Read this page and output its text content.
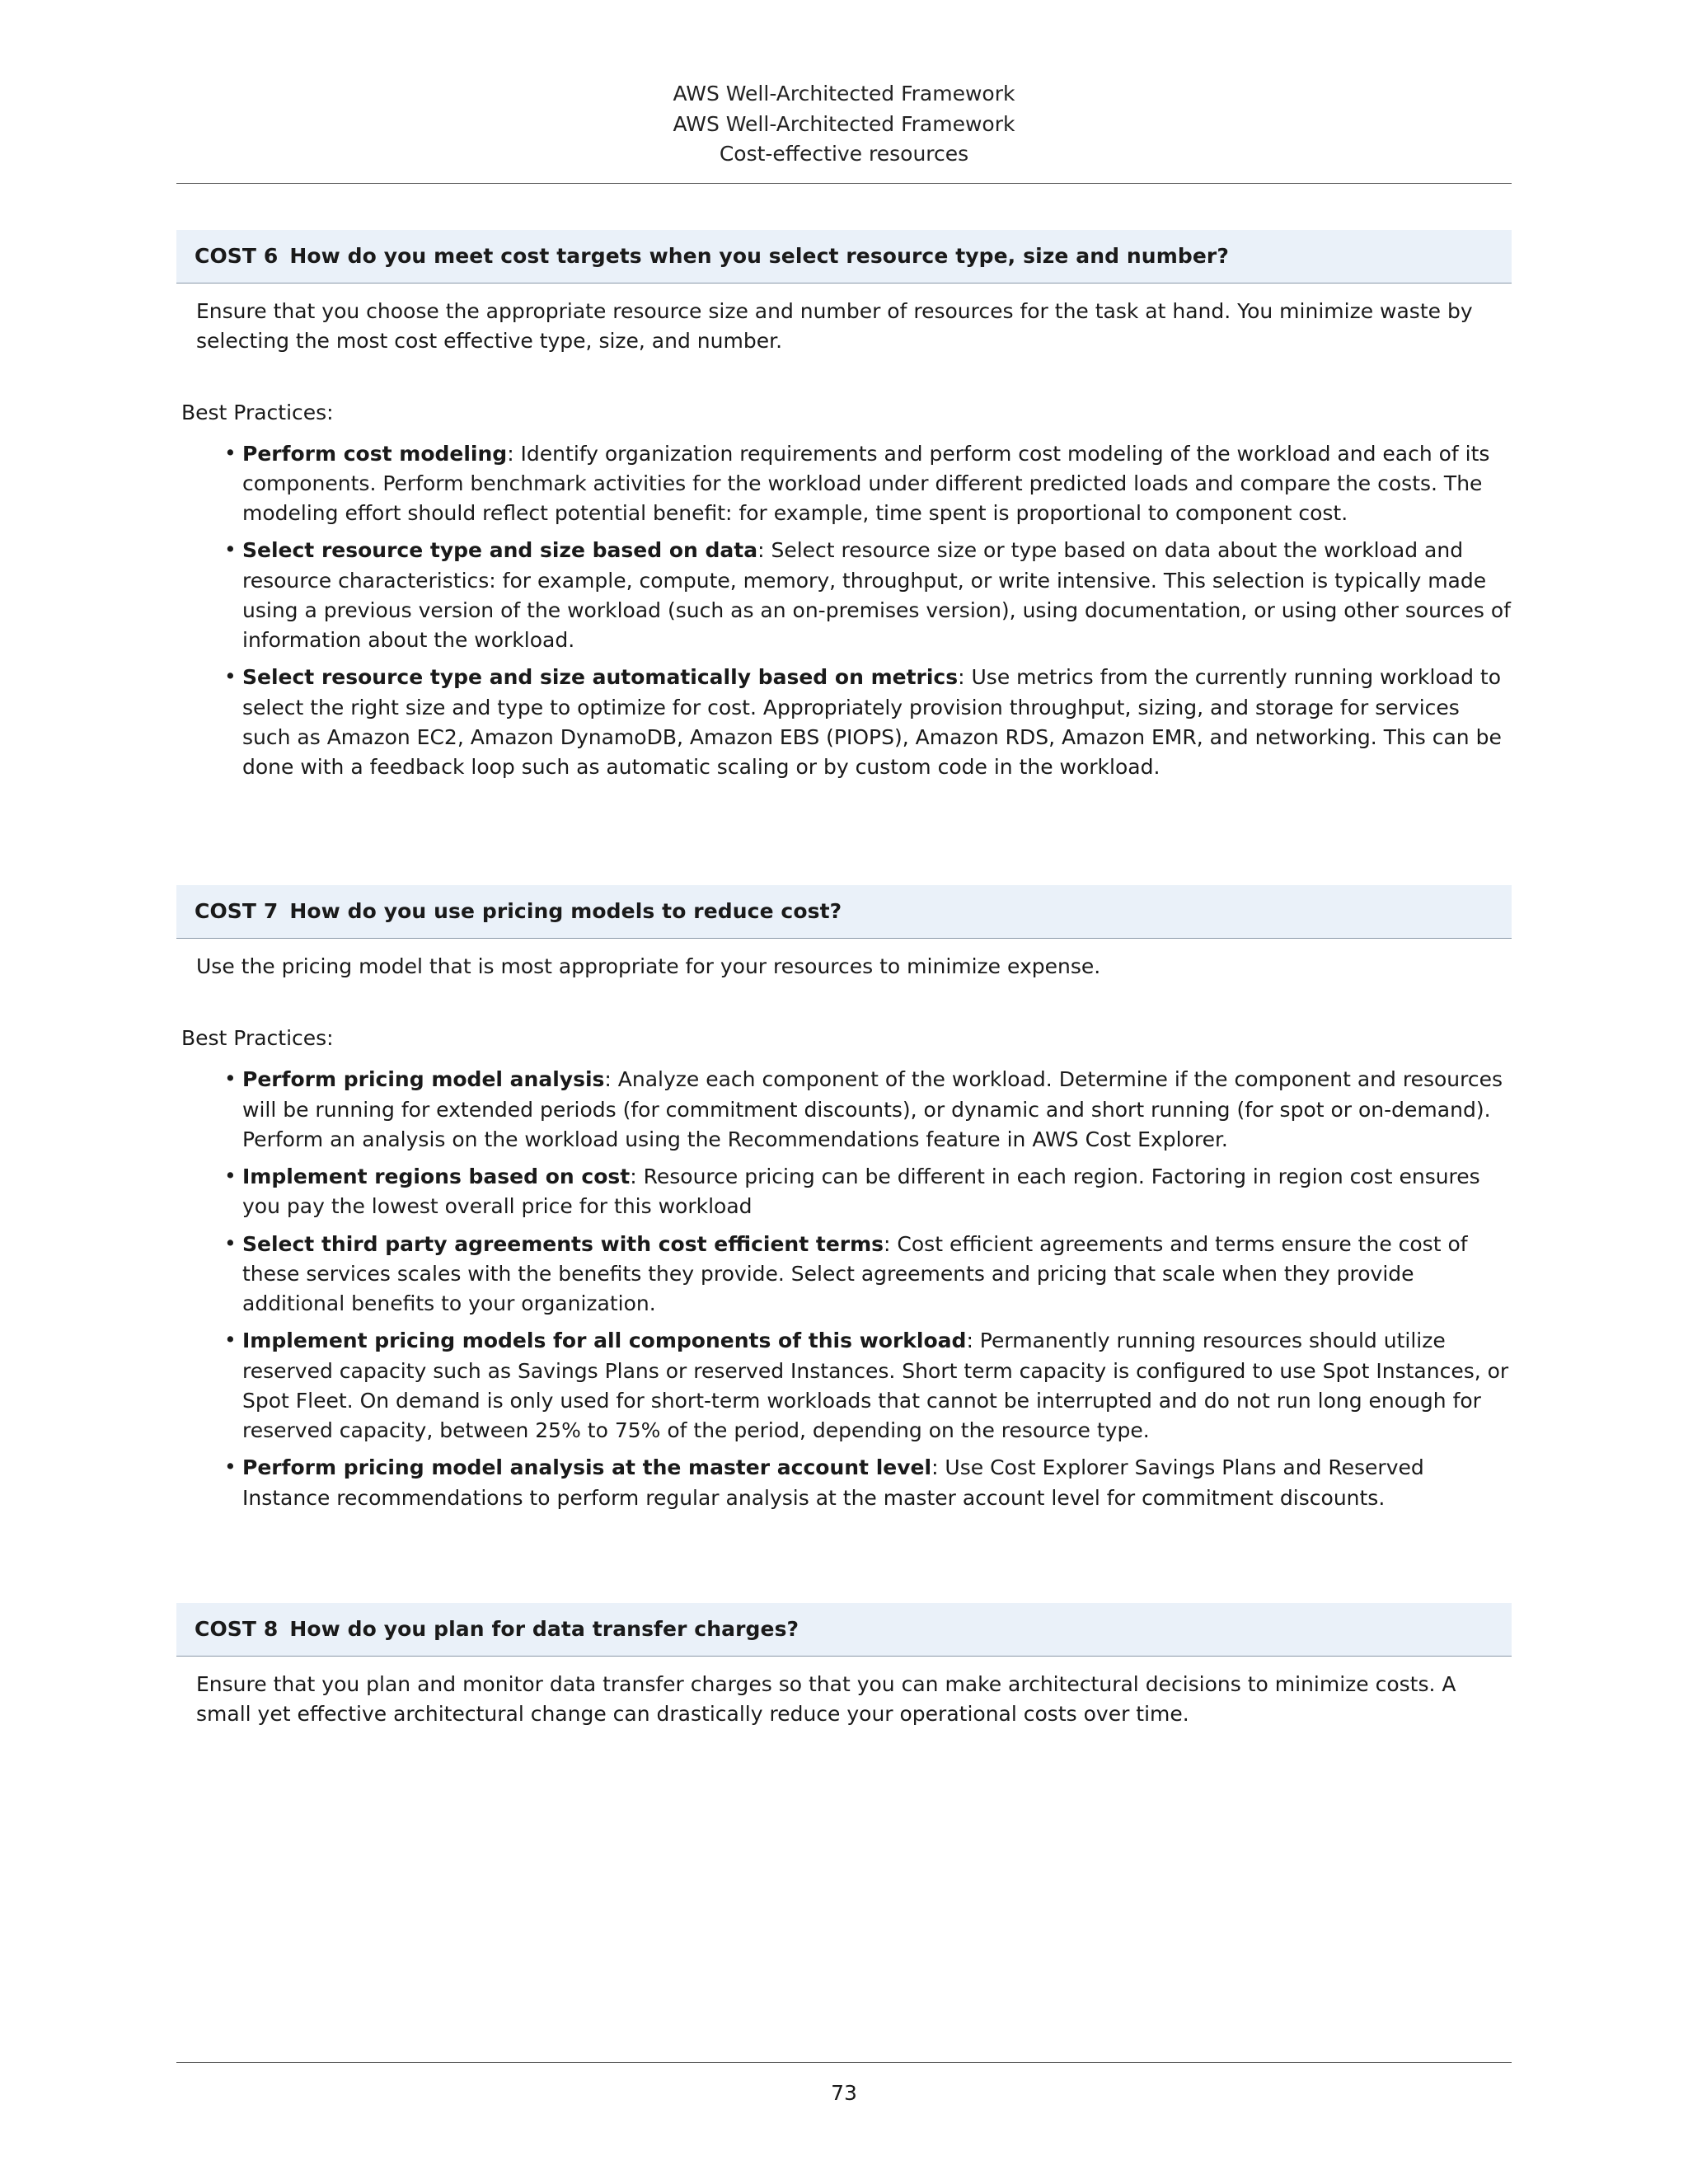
AWS Well-Architected Framework
AWS Well-Architected Framework
Cost-effective resources
COST 6 How do you meet cost targets when you select resource type, size and number?
Ensure that you choose the appropriate resource size and number of resources for the task at hand. You minimize waste by selecting the most cost effective type, size, and number.
Best Practices:
• Perform cost modeling: Identify organization requirements and perform cost modeling of the workload and each of its components. Perform benchmark activities for the workload under different predicted loads and compare the costs. The modeling effort should reflect potential benefit: for example, time spent is proportional to component cost.
• Select resource type and size based on data: Select resource size or type based on data about the workload and resource characteristics: for example, compute, memory, throughput, or write intensive. This selection is typically made using a previous version of the workload (such as an on-premises version), using documentation, or using other sources of information about the workload.
• Select resource type and size automatically based on metrics: Use metrics from the currently running workload to select the right size and type to optimize for cost. Appropriately provision throughput, sizing, and storage for services such as Amazon EC2, Amazon DynamoDB, Amazon EBS (PIOPS), Amazon RDS, Amazon EMR, and networking. This can be done with a feedback loop such as automatic scaling or by custom code in the workload.
COST 7 How do you use pricing models to reduce cost?
Use the pricing model that is most appropriate for your resources to minimize expense.
Best Practices:
• Perform pricing model analysis: Analyze each component of the workload. Determine if the component and resources will be running for extended periods (for commitment discounts), or dynamic and short running (for spot or on-demand). Perform an analysis on the workload using the Recommendations feature in AWS Cost Explorer.
• Implement regions based on cost: Resource pricing can be different in each region. Factoring in region cost ensures you pay the lowest overall price for this workload
• Select third party agreements with cost efficient terms: Cost efficient agreements and terms ensure the cost of these services scales with the benefits they provide. Select agreements and pricing that scale when they provide additional benefits to your organization.
• Implement pricing models for all components of this workload: Permanently running resources should utilize reserved capacity such as Savings Plans or reserved Instances. Short term capacity is configured to use Spot Instances, or Spot Fleet. On demand is only used for short-term workloads that cannot be interrupted and do not run long enough for reserved capacity, between 25% to 75% of the period, depending on the resource type.
• Perform pricing model analysis at the master account level: Use Cost Explorer Savings Plans and Reserved Instance recommendations to perform regular analysis at the master account level for commitment discounts.
COST 8 How do you plan for data transfer charges?
Ensure that you plan and monitor data transfer charges so that you can make architectural decisions to minimize costs. A small yet effective architectural change can drastically reduce your operational costs over time.
73
